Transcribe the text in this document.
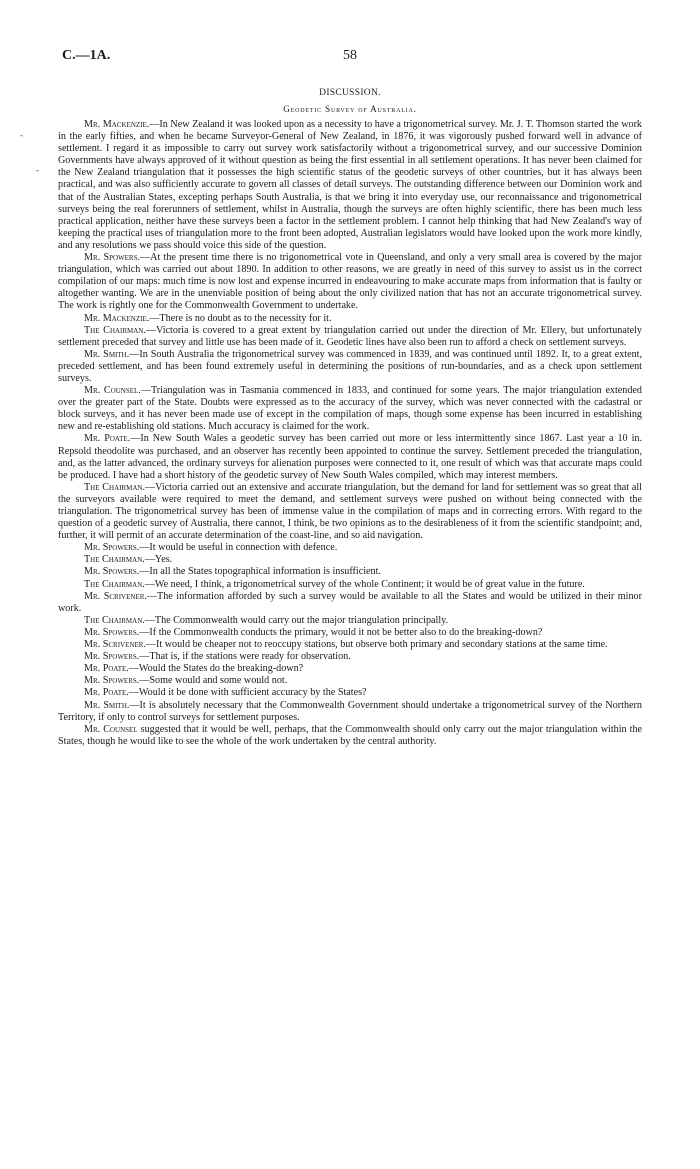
C.—1A.	58
DISCUSSION.
Geodetic Survey of Australia.
-
-

Mr. Mackenzie.—In New Zealand it was looked upon as a necessity to have a trigonometrical survey. Mr. J. T. Thomson started the work in the early fifties, and when he became Surveyor-General of New Zealand, in 1876, it was vigorously pushed forward well in advance of settlement. I regard it as impossible to carry out survey work satisfactorily without a trigonometrical survey, and our successive Dominion Governments have always approved of it without question as being the first essential in all settlement operations. It has never been claimed for the New Zealand triangulation that it possesses the high scientific status of the geodetic surveys of other countries, but it has always been practical, and was also sufficiently accurate to govern all classes of detail surveys. The outstanding difference between our Dominion work and that of the Australian States, excepting perhaps South Australia, is that we bring it into everyday use, our reconnaissance and trigonometrical surveys being the real forerunners of settlement, whilst in Australia, though the surveys are often highly scientific, there has been much less practical application, neither have these surveys been a factor in the settlement problem. I cannot help thinking that had New Zealand's way of keeping the practical uses of triangulation more to the front been adopted, Australian legislators would have looked upon the work more kindly, and any resolutions we pass should voice this side of the question.

Mr. Spowers.—At the present time there is no trigonometrical vote in Queensland, and only a very small area is covered by the major triangulation, which was carried out about 1890. In addition to other reasons, we are greatly in need of this survey to assist us in the correct compilation of our maps: much time is now lost and expense incurred in endeavouring to make accurate maps from information that is faulty or altogether wanting. We are in the unenviable position of being about the only civilized nation that has not an accurate trigonometrical survey. The work is rightly one for the Commonwealth Government to undertake.

Mr. Mackenzie.—There is no doubt as to the necessity for it.

The Chairman.—Victoria is covered to a great extent by triangulation carried out under the direction of Mr. Ellery, but unfortunately settlement preceded that survey and little use has been made of it. Geodetic lines have also been run to afford a check on settlement surveys.

Mr. Smith.—In South Australia the trigonometrical survey was commenced in 1839, and was continued until 1892. It, to a great extent, preceded settlement, and has been found extremely useful in determining the positions of run-boundaries, and as a check upon settlement surveys.

Mr. Counsel.—Triangulation was in Tasmania commenced in 1833, and continued for some years. The major triangulation extended over the greater part of the State. Doubts were expressed as to the accuracy of the survey, which was never connected with the cadastral or block surveys, and it has never been made use of except in the compilation of maps, though some expense has been incurred in establishing new and re-establishing old stations. Much accuracy is claimed for the work.

Mr. Poate.—In New South Wales a geodetic survey has been carried out more or less intermittently since 1867. Last year a 10 in. Repsold theodolite was purchased, and an observer has recently been appointed to continue the survey. Settlement preceded the triangulation, and, as the latter advanced, the ordinary surveys for alienation purposes were connected to it, one result of which was that accurate maps could be produced. I have had a short history of the geodetic survey of New South Wales compiled, which may interest members.

The Chairman.—Victoria carried out an extensive and accurate triangulation, but the demand for land for settlement was so great that all the surveyors available were required to meet the demand, and settlement surveys were pushed on without being connected with the triangulation. The trigonometrical survey has been of immense value in the compilation of maps and in correcting errors. With regard to the question of a geodetic survey of Australia, there cannot, I think, be two opinions as to the desirableness of it from the scientific standpoint; and, further, it will permit of an accurate determination of the coast-line, and so aid navigation.

Mr. Spowers.—It would be useful in connection with defence.

The Chairman.—Yes.

Mr. Spowers.—In all the States topographical information is insufficient.

The Chairman.—We need, I think, a trigonometrical survey of the whole Continent; it would be of great value in the future.

Mr. Scrivener.—The information afforded by such a survey would be available to all the States and would be utilized in their minor work.

The Chairman.—The Commonwealth would carry out the major triangulation principally.

Mr. Spowers.—If the Commonwealth conducts the primary, would it not be better also to do the breaking-down?

Mr. Scrivener.—It would be cheaper not to reoccupy stations, but observe both primary and secondary stations at the same time.

Mr. Spowers.—That is, if the stations were ready for observation.

Mr. Poate.—Would the States do the breaking-down?

Mr. Spowers.—Some would and some would not.

Mr. Poate.—Would it be done with sufficient accuracy by the States?

Mr. Smith.—It is absolutely necessary that the Commonwealth Government should undertake a trigonometrical survey of the Northern Territory, if only to control surveys for settlement purposes.

Mr. Counsel suggested that it would be well, perhaps, that the Commonwealth should only carry out the major triangulation within the States, though he would like to see the whole of the work undertaken by the central authority.
